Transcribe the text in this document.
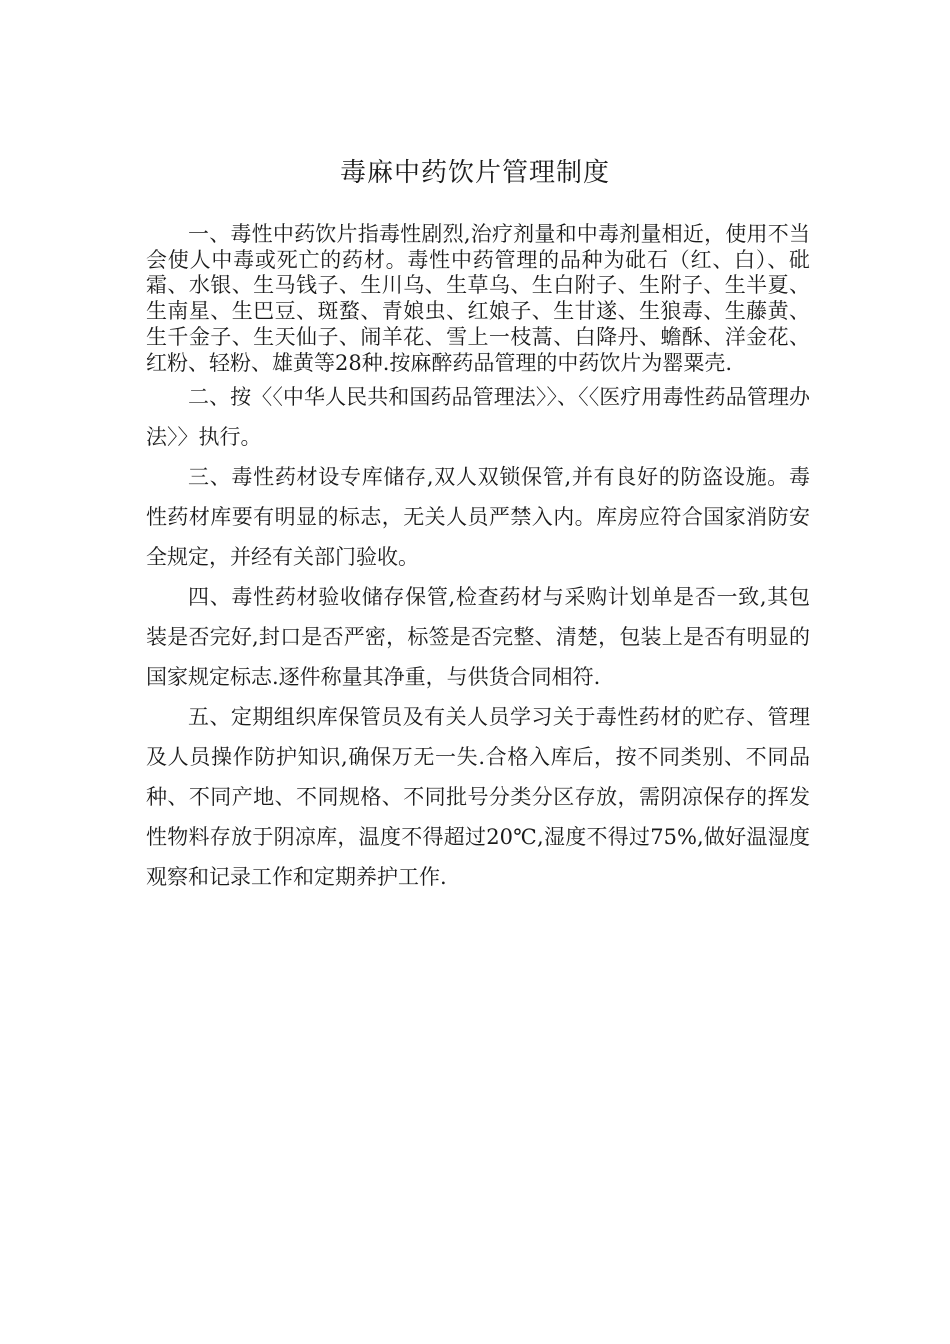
毒麻中药饮片管理制度

一、毒性中药饮片指毒性剧烈,治疗剂量和中毒剂量相近，使用不当会使人中毒或死亡的药材。毒性中药管理的品种为砒石（红、白）、砒霜、水银、生马钱子、生川乌、生草乌、生白附子、生附子、生半夏、生南星、生巴豆、斑蝥、青娘虫、红娘子、生甘遂、生狼毒、生藤黄、生千金子、生天仙子、闹羊花、雪上一枝蒿、白降丹、蟾酥、洋金花、红粉、轻粉、雄黄等28种.按麻醉药品管理的中药饮片为罂粟壳.

二、按〈〈中华人民共和国药品管理法〉〉、〈〈医疗用毒性药品管理办法〉〉执行。

三、毒性药材设专库储存,双人双锁保管,并有良好的防盗设施。毒性药材库要有明显的标志，无关人员严禁入内。库房应符合国家消防安全规定，并经有关部门验收。

四、毒性药材验收储存保管,检查药材与采购计划单是否一致,其包装是否完好,封口是否严密，标签是否完整、清楚，包装上是否有明显的国家规定标志.逐件称量其净重，与供货合同相符.

五、定期组织库保管员及有关人员学习关于毒性药材的贮存、管理及人员操作防护知识,确保万无一失.合格入库后，按不同类别、不同品种、不同产地、不同规格、不同批号分类分区存放，需阴凉保存的挥发性物料存放于阴凉库，温度不得超过20℃,湿度不得过75%,做好温湿度观察和记录工作和定期养护工作.
